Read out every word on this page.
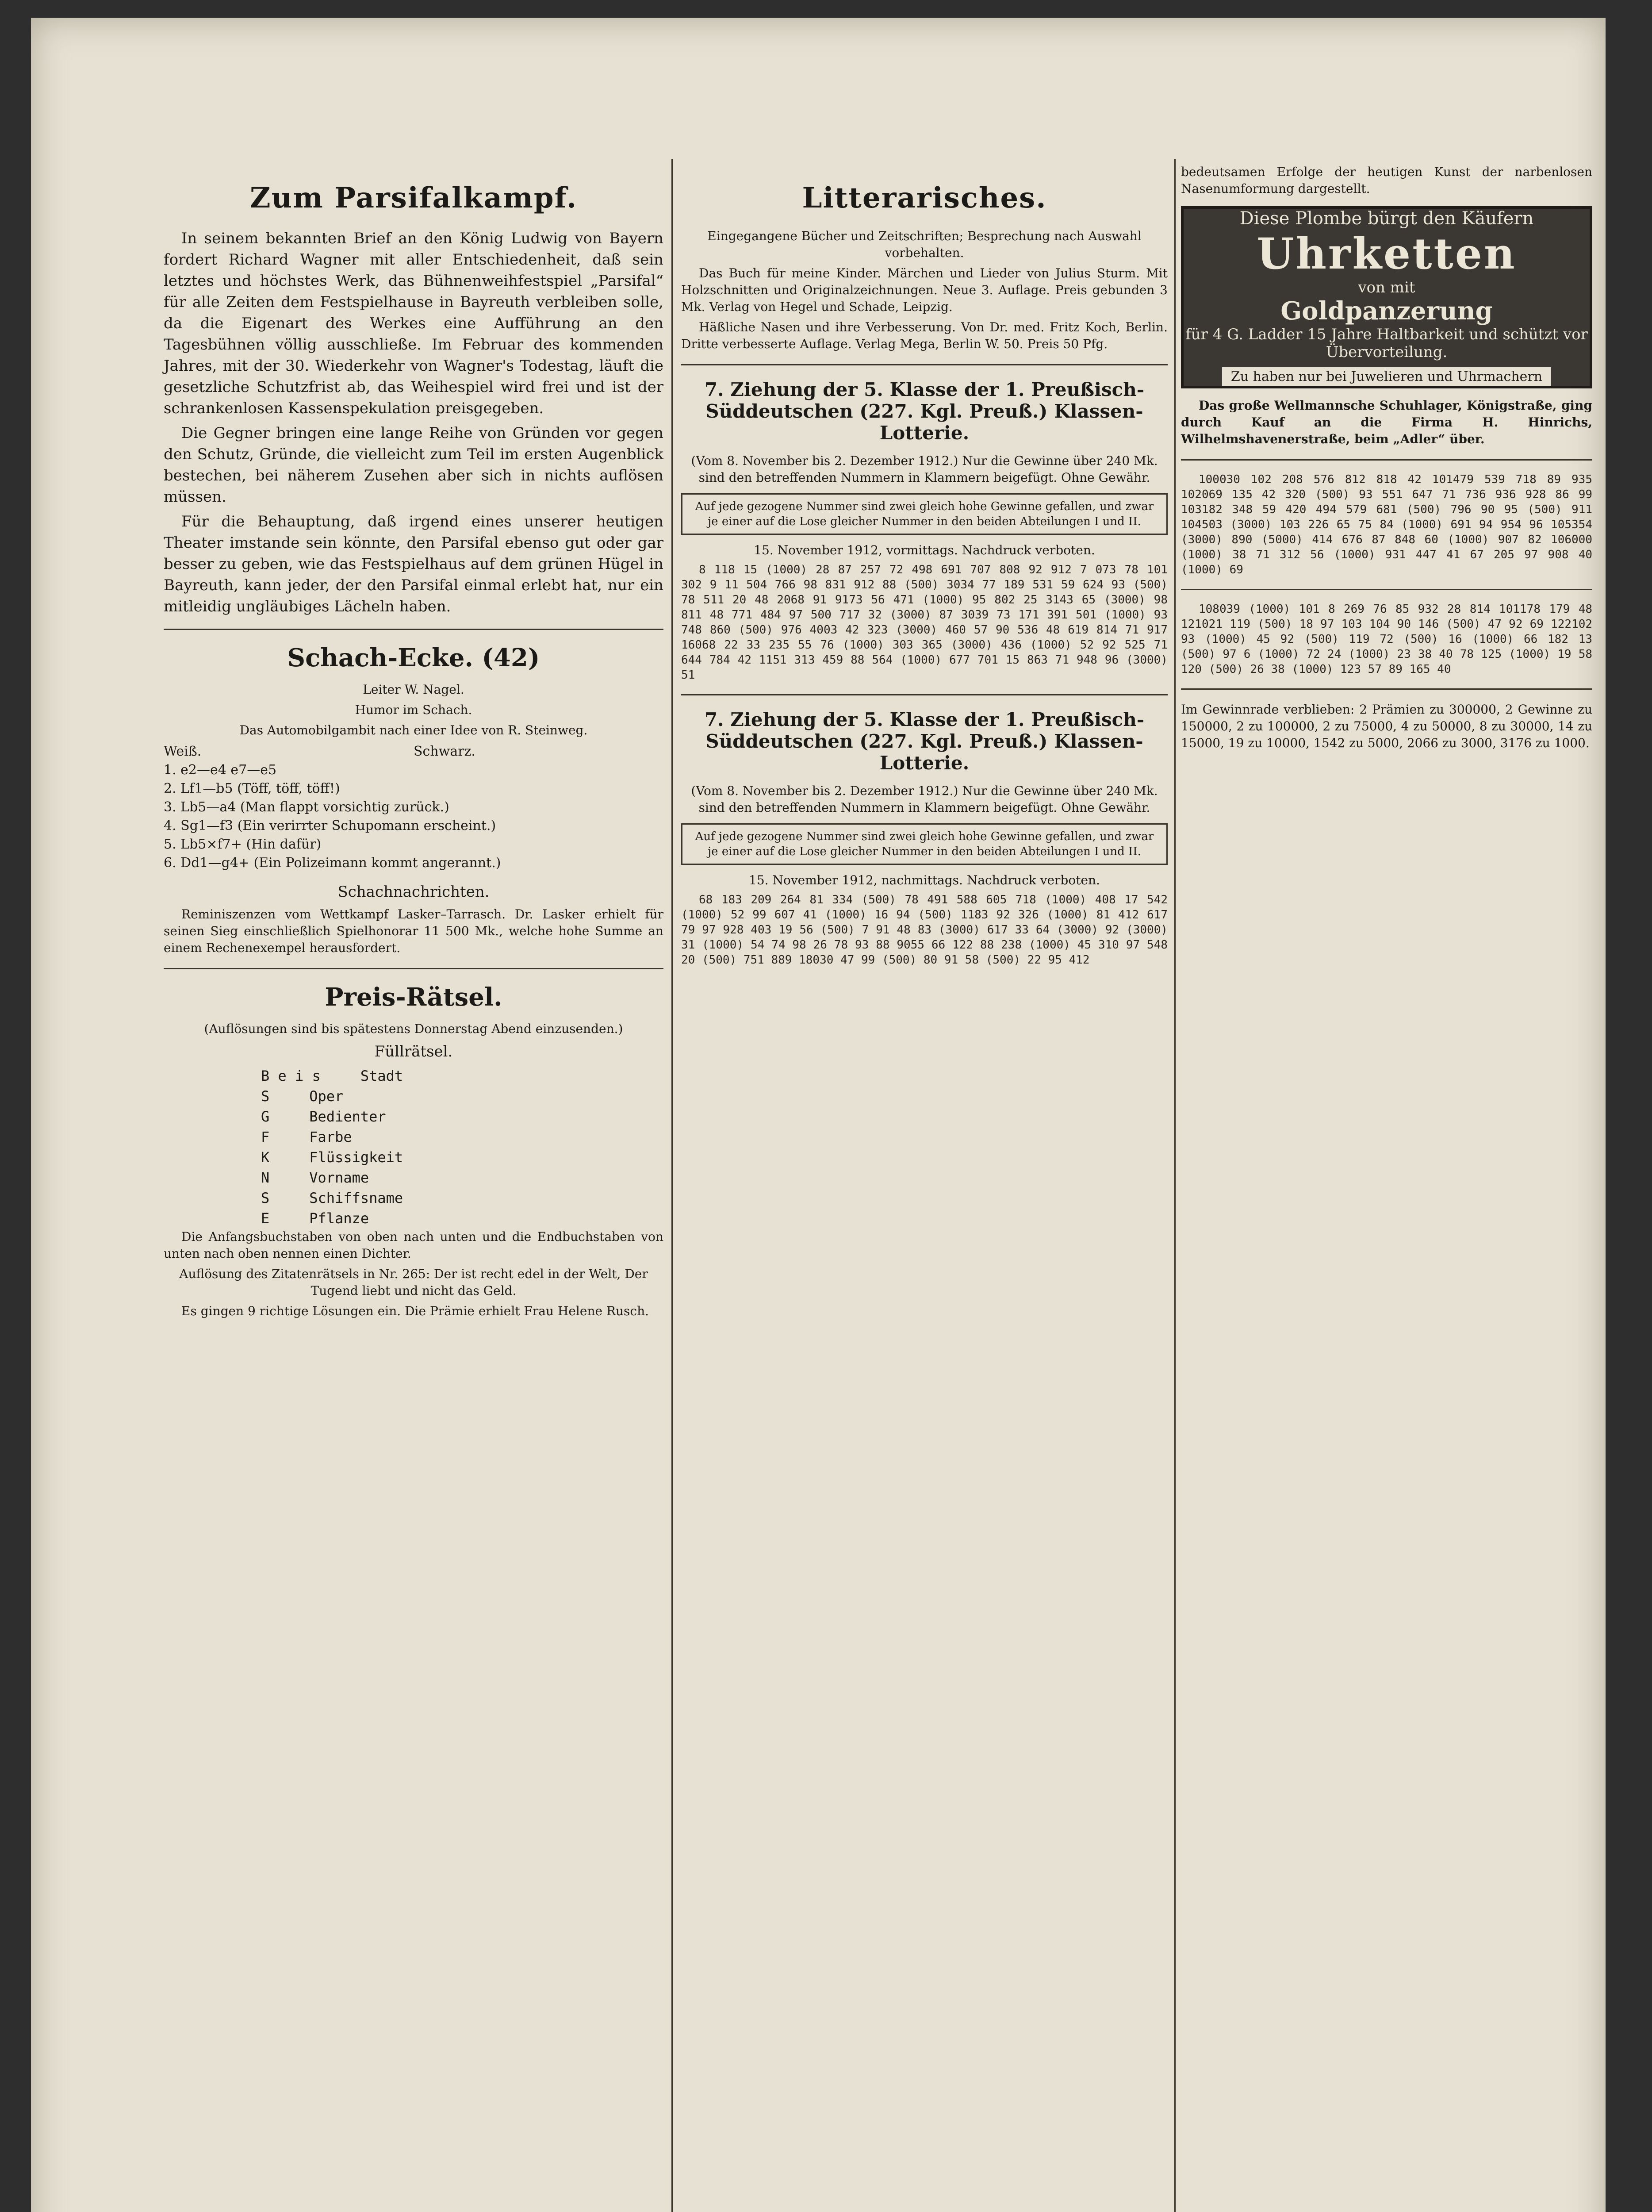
Zum Parsifalkampf.

In seinem bekannten Brief an den König Ludwig von Bayern fordert Richard Wagner mit aller Entschiedenheit, daß sein letztes und höchstes Werk, das Bühnenweihfestspiel „Parsifal“ für alle Zeiten dem Festspielhause in Bayreuth verbleiben solle, da die Eigenart des Werkes eine Aufführung an den Tagesbühnen völlig ausschließe. Im Februar des kommenden Jahres, mit der 30. Wiederkehr von Wagner's Todestag, läuft die gesetzliche Schutzfrist ab, das Weihespiel wird frei und ist der schrankenlosen Kassenspekulation preisgegeben.

Die Gegner bringen eine lange Reihe von Gründen vor gegen den Schutz, Gründe, die vielleicht zum Teil im ersten Augenblick bestechen, bei näherem Zusehen aber sich in nichts auflösen müssen.

Für die Behauptung, daß irgend eines unserer heutigen Theater imstande sein könnte, den Parsifal ebenso gut oder gar besser zu geben, wie das Festspielhaus auf dem grünen Hügel in Bayreuth, kann jeder, der den Parsifal einmal erlebt hat, nur ein mitleidig ungläubiges Lächeln haben.

Schach-Ecke. (42)

Leiter W. Nagel.

Humor im Schach.

Das Automobilgambit nach einer Idee von R. Steinweg.

Weiß.	Schwarz.
1. e2—e4 e7—e5
2. Lf1—b5 (Töff, töff, töff!)
3. Lb5—a4 (Man flappt vorsichtig zurück.)
4. Sg1—f3 (Ein verirrter Schupomann erscheint.)
5. Lb5×f7+ (Hin dafür)
6. Dd1—g4+ (Ein Polizeimann kommt angerannt.)

Schachnachrichten.

Reminiszenzen vom Wettkampf Lasker–Tarrasch. Dr. Lasker erhielt für seinen Sieg einschließlich Spielhonorar 11 500 Mk., welche hohe Summe an einem Rechenexempel herausfordert.

Preis-Rätsel.

(Auflösungen sind bis spätestens Donnerstag Abend einzusenden.)

Füllrätsel.

B e i s	Stadt
S	Oper
G	Bedienter
F	Farbe
K	Flüssigkeit
N	Vorname
S	Schiffsname
E	Pflanze

Die Anfangsbuchstaben von oben nach unten und die Endbuchstaben von unten nach oben nennen einen Dichter.

Auflösung des Zitatenrätsels in Nr. 265: Der ist recht edel in der Welt, Der Tugend liebt und nicht das Geld.

Es gingen 9 richtige Lösungen ein. Die Prämie erhielt Frau Helene Rusch.

Litterarisches.

Eingegangene Bücher und Zeitschriften; Besprechung nach Auswahl vorbehalten.

Das Buch für meine Kinder. Märchen und Lieder von Julius Sturm. Mit Holzschnitten und Originalzeichnungen. Neue 3. Auflage. Preis gebunden 3 Mk. Verlag von Hegel und Schade, Leipzig.

Häßliche Nasen und ihre Verbesserung. Von Dr. med. Fritz Koch, Berlin. Dritte verbesserte Auflage. Verlag Mega, Berlin W. 50. Preis 50 Pfg.

7. Ziehung der 5. Klasse der 1. Preußisch-Süddeutschen (227. Kgl. Preuß.) Klassen-Lotterie.

(Vom 8. November bis 2. Dezember 1912.) Nur die Gewinne über 240 Mk. sind den betreffenden Nummern in Klammern beigefügt. Ohne Gewähr.

Auf jede gezogene Nummer sind zwei gleich hohe Gewinne gefallen, und zwar je einer auf die Lose gleicher Nummer in den beiden Abteilungen I und II.

15. November 1912, vormittags. Nachdruck verboten.

8 118 15 (1000) 28 87 257 72 498 691 707 808 92 912 7 073 78 101 302 9 11 504 766 98 831 912 88 (500) 3034 77 189 531 59 624 93 (500) 78 511 20 48 2068 91 9173 56 471 (1000) 95 802 25 3143 65 (3000) 98 811 48 771 484 97 500 717 32 (3000) 87 3039 73 171 391 501 (1000) 93 748 860 (500) 976 4003 42 323 (3000) 460 57 90 536 48 619 814 71 917 16068 22 33 235 55 76 (1000) 303 365 (3000) 436 (1000) 52 92 525 71 644 784 42 1151 313 459 88 564 (1000) 677 701 15 863 71 948 96 (3000) 51

7. Ziehung der 5. Klasse der 1. Preußisch-Süddeutschen (227. Kgl. Preuß.) Klassen-Lotterie.

(Vom 8. November bis 2. Dezember 1912.) Nur die Gewinne über 240 Mk. sind den betreffenden Nummern in Klammern beigefügt. Ohne Gewähr.

Auf jede gezogene Nummer sind zwei gleich hohe Gewinne gefallen, und zwar je einer auf die Lose gleicher Nummer in den beiden Abteilungen I und II.

15. November 1912, nachmittags. Nachdruck verboten.

68 183 209 264 81 334 (500) 78 491 588 605 718 (1000) 408 17 542 (1000) 52 99 607 41 (1000) 16 94 (500) 1183 92 326 (1000) 81 412 617 79 97 928 403 19 56 (500) 7 91 48 83 (3000) 617 33 64 (3000) 92 (3000) 31 (1000) 54 74 98 26 78 93 88 9055 66 122 88 238 (1000) 45 310 97 548 20 (500) 751 889 18030 47 99 (500) 80 91 58 (500) 22 95 412

bedeutsamen Erfolge der heutigen Kunst der narbenlosen Nasenumformung dargestellt.

Diese Plombe bürgt den Käufern
Uhrketten
von mit
Goldpanzerung
für 4 G. Ladder 15 Jahre Haltbarkeit und schützt vor Übervorteilung.
Zu haben nur bei Juwelieren und Uhrmachern

Das große Wellmannsche Schuhlager, Königstraße, ging durch Kauf an die Firma H. Hinrichs, Wilhelmshavenerstraße, beim „Adler“ über.

100030 102 208 576 812 818 42 101479 539 718 89 935 102069 135 42 320 (500) 93 551 647 71 736 936 928 86 99 103182 348 59 420 494 579 681 (500) 796 90 95 (500) 911 104503 (3000) 103 226 65 75 84 (1000) 691 94 954 96 105354 (3000) 890 (5000) 414 676 87 848 60 (1000) 907 82 106000 (1000) 38 71 312 56 (1000) 931 447 41 67 205 97 908 40 (1000) 69

108039 (1000) 101 8 269 76 85 932 28 814 101178 179 48 121021 119 (500) 18 97 103 104 90 146 (500) 47 92 69 122102 93 (1000) 45 92 (500) 119 72 (500) 16 (1000) 66 182 13 (500) 97 6 (1000) 72 24 (1000) 23 38 40 78 125 (1000) 19 58 120 (500) 26 38 (1000) 123 57 89 165 40

Im Gewinnrade verblieben: 2 Prämien zu 300000, 2 Gewinne zu 150000, 2 zu 100000, 2 zu 75000, 4 zu 50000, 8 zu 30000, 14 zu 15000, 19 zu 10000, 1542 zu 5000, 2066 zu 3000, 3176 zu 1000.
